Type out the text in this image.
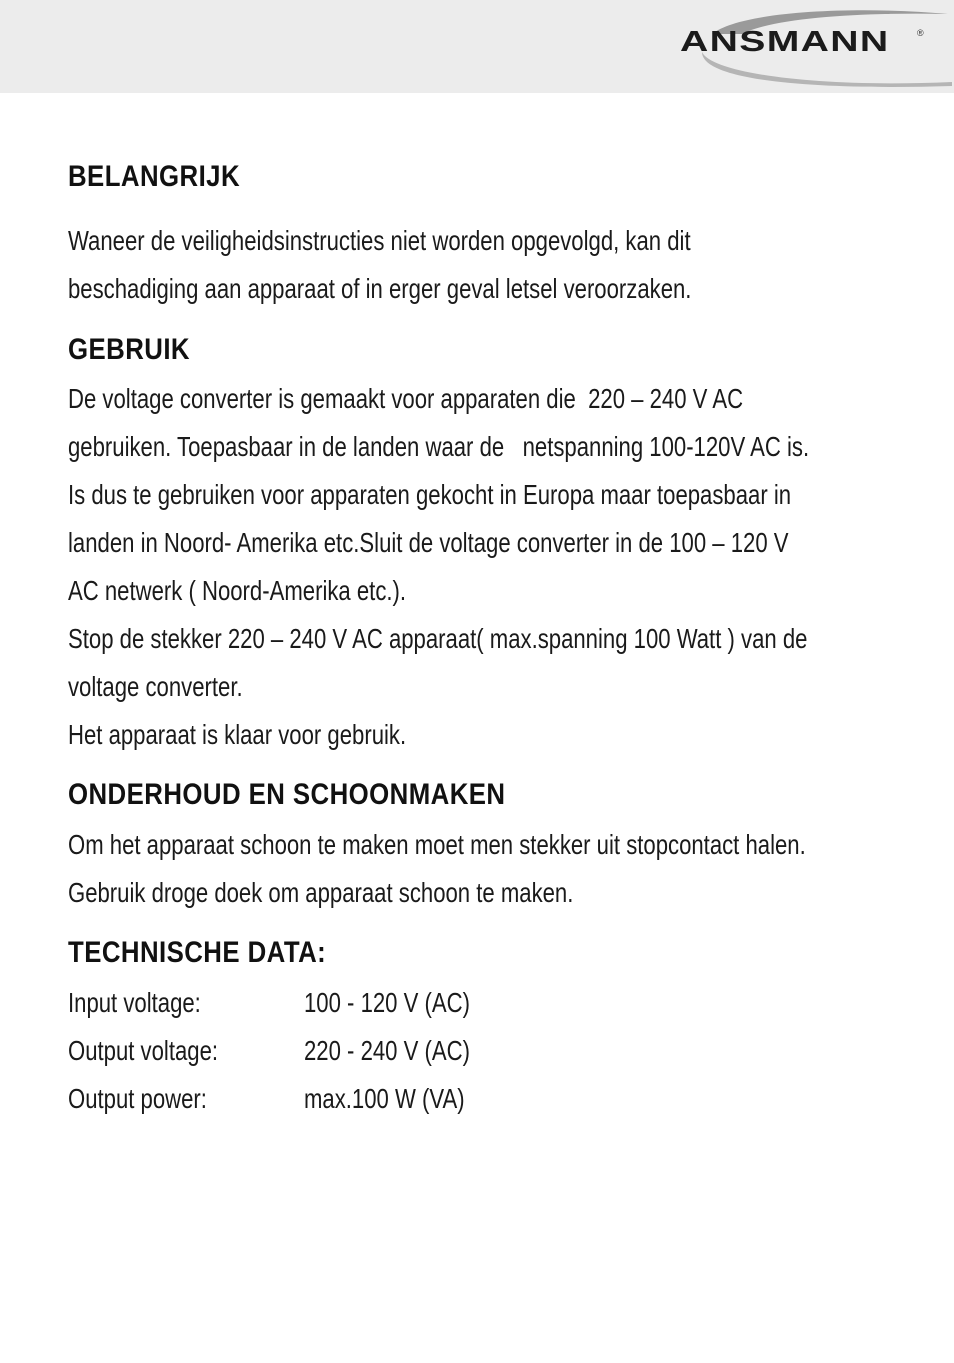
ANSMANN	®
BELANGRIJK

Waneer de veiligheidsinstructies niet worden opgevolgd, kan dit

beschadiging aan apparaat of in erger geval letsel veroorzaken.

GEBRUIK

De voltage converter is gemaakt voor apparaten die  220 – 240 V AC

gebruiken. Toepasbaar in de landen waar de   netspanning 100-120V AC is.

Is dus te gebruiken voor apparaten gekocht in Europa maar toepasbaar in

landen in Noord- Amerika etc.Sluit de voltage converter in de 100 – 120 V

AC netwerk ( Noord-Amerika etc.).

Stop de stekker 220 – 240 V AC apparaat( max.spanning 100 Watt ) van de

voltage converter.

Het apparaat is klaar voor gebruik.

ONDERHOUD EN SCHOONMAKEN

Om het apparaat schoon te maken moet men stekker uit stopcontact halen.

Gebruik droge doek om apparaat schoon te maken.

TECHNISCHE DATA:
Input voltage:	100 - 120 V (AC)
Output voltage:	220 - 240 V (AC)
Output power:	max.100 W (VA)
